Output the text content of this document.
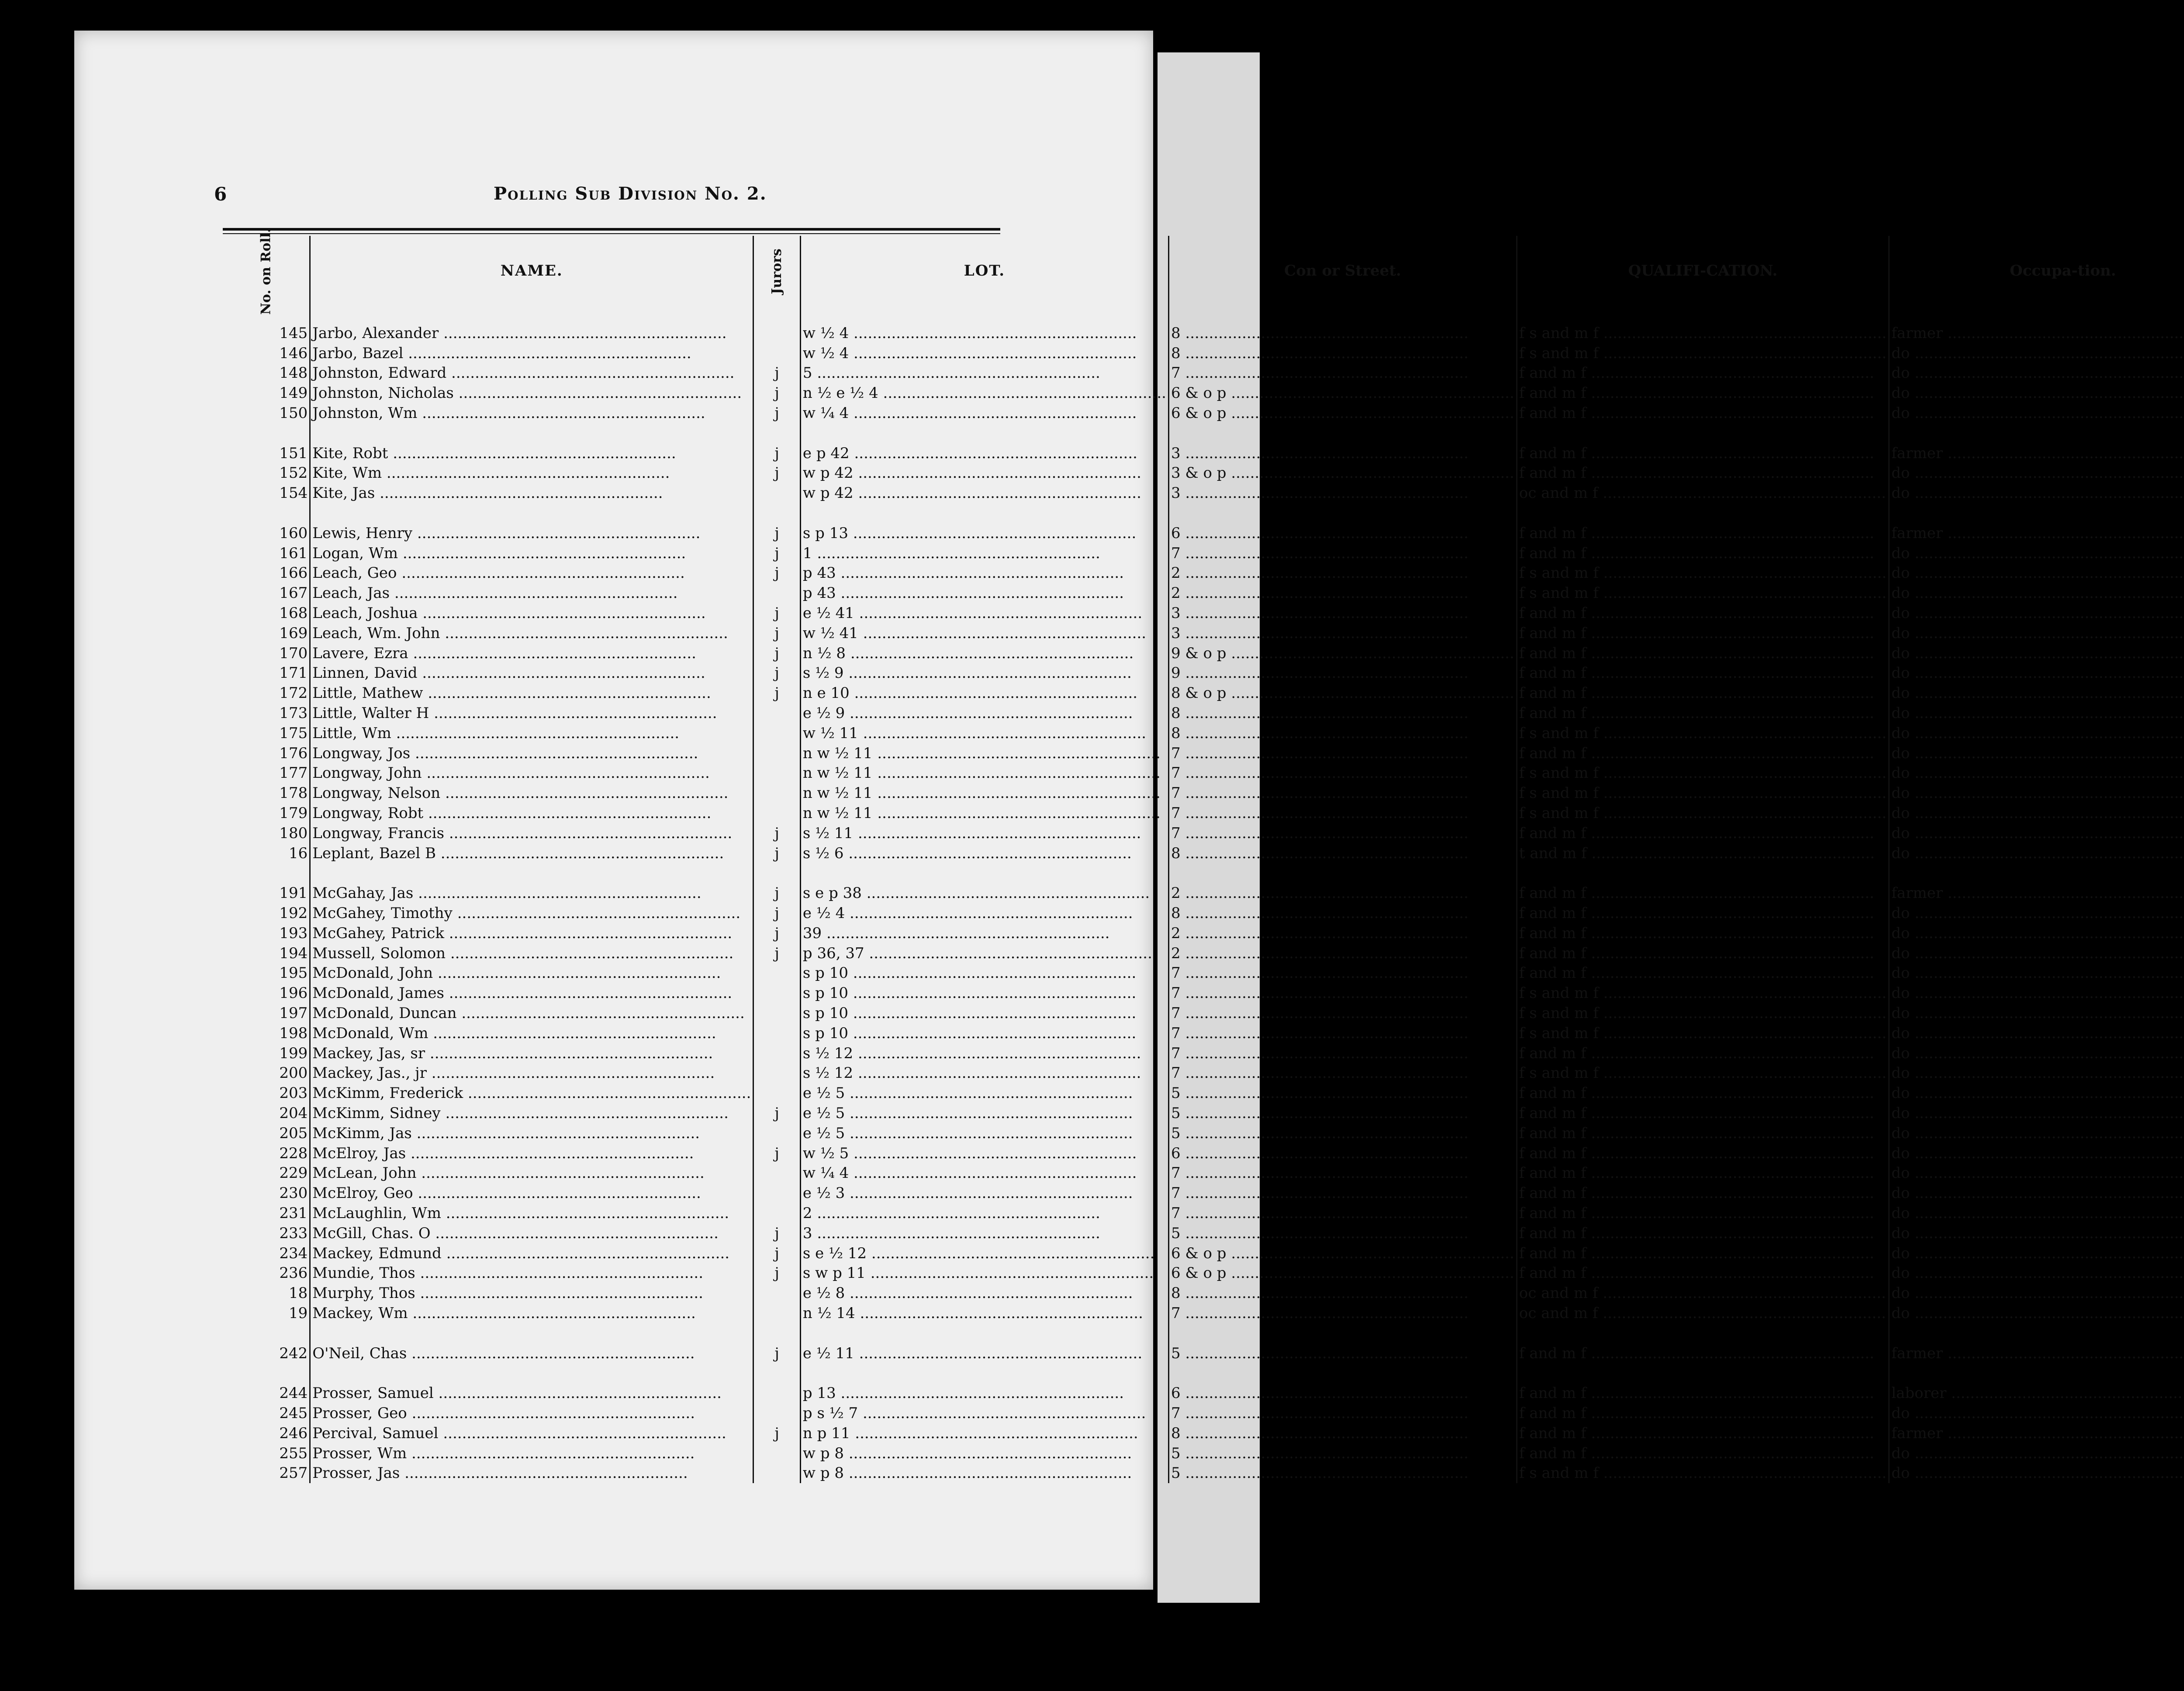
6	Polling Sub Division No. 2.
No. on Roll.	NAME.	Jurors	LOT.	Con or Street.	QUALIFI-CATION.	Occupa-tion.	

145	Jarbo, Alexander .....		w ½ 4 .....	8 .....	f s and m f .....	farmer .....	
146	Jarbo, Bazel .....		w ½ 4 .....	8 .....	f s and m f .....	do .....	
148	Johnston, Edward .....	j	5 .....	7 .....	f and m f .....	do .....	
149	Johnston, Nicholas .....	j	n ½ e ½ 4 .....	6 & o p .....	f and m f .....	do .....	
150	Johnston, Wm .....	j	w ¼ 4 .....	6 & o p .....	f and m f .....	do .....	

151	Kite, Robt .....	j	e p 42 .....	3 .....	f and m f .....	farmer .....	
152	Kite, Wm .....	j	w p 42 .....	3 & o p .....	f and m f .....	do .....	
154	Kite, Jas .....		w p 42 .....	3 .....	oc and m f .....	do .....	

160	Lewis, Henry .....	j	s p 13 .....	6 .....	f and m f .....	farmer .....	
161	Logan, Wm .....	j	1 .....	7 .....	f and m f .....	do .....	
166	Leach, Geo .....	j	p 43 .....	2 .....	f s and m f .....	do .....	
167	Leach, Jas .....		p 43 .....	2 .....	f s and m f .....	do .....	
168	Leach, Joshua .....	j	e ½ 41 .....	3 .....	f and m f .....	do .....	
169	Leach, Wm. John .....	j	w ½ 41 .....	3 .....	f and m f .....	do .....	
170	Lavere, Ezra .....	j	n ½ 8 .....	9 & o p .....	f and m f .....	do .....	
171	Linnen, David .....	j	s ½ 9 .....	9 .....	f and m f .....	do .....	
172	Little, Mathew .....	j	n e 10 .....	8 & o p .....	f and m f .....	do .....	
173	Little, Walter H .....		e ½ 9 .....	8 .....	f and m f .....	do .....	
175	Little, Wm .....		w ½ 11 .....	8 .....	f s and m f .....	do .....	
176	Longway, Jos .....		n w ½ 11 .....	7 .....	f and m f .....	do .....	
177	Longway, John .....		n w ½ 11 .....	7 .....	f s and m f .....	do .....	
178	Longway, Nelson .....		n w ½ 11 .....	7 .....	f s and m f .....	do .....	
179	Longway, Robt .....		n w ½ 11 .....	7 .....	f s and m f .....	do .....	
180	Longway, Francis .....	j	s ½ 11 .....	7 .....	f and m f .....	do .....	
16	Leplant, Bazel B .....	j	s ½ 6 .....	8 .....	t and m f .....	do .....	

191	McGahay, Jas .....	j	s e p 38 .....	2 .....	f and m f .....	farmer .....	
192	McGahey, Timothy .....	j	e ½ 4 .....	8 .....	f and m f .....	do .....	
193	McGahey, Patrick .....	j	39 .....	2 .....	f and m f .....	do .....	
194	Mussell, Solomon .....	j	p 36, 37 .....	2 .....	f and m f .....	do .....	
195	McDonald, John .....		s p 10 .....	7 .....	f and m f .....	do .....	
196	McDonald, James .....		s p 10 .....	7 .....	f s and m f .....	do .....	
197	McDonald, Duncan .....		s p 10 .....	7 .....	f s and m f .....	do .....	
198	McDonald, Wm .....		s p 10 .....	7 .....	f s and m f .....	do .....	
199	Mackey, Jas, sr .....		s ½ 12 .....	7 .....	f and m f .....	do .....	
200	Mackey, Jas., jr .....		s ½ 12 .....	7 .....	f s and m f .....	do .....	
203	McKimm, Frederick .....		e ½ 5 .....	5 .....	f and m f .....	do .....	
204	McKimm, Sidney .....	j	e ½ 5 .....	5 .....	f and m f .....	do .....	
205	McKimm, Jas .....		e ½ 5 .....	5 .....	f and m f .....	do .....	
228	McElroy, Jas .....	j	w ½ 5 .....	6 .....	f and m f .....	do .....	
229	McLean, John .....		w ¼ 4 .....	7 .....	f and m f .....	do .....	
230	McElroy, Geo .....		e ½ 3 .....	7 .....	f and m f .....	do .....	
231	McLaughlin, Wm .....		2 .....	7 .....	f and m f .....	do .....	
233	McGill, Chas. O .....	j	3 .....	5 .....	f and m f .....	do .....	
234	Mackey, Edmund .....	j	s e ½ 12 .....	6 & o p .....	f and m f .....	do .....	
236	Mundie, Thos .....	j	s w p 11 .....	6 & o p .....	f and m f .....	do .....	
18	Murphy, Thos .....		e ½ 8 .....	8 .....	oc and m f .....	do .....	
19	Mackey, Wm .....		n ½ 14 .....	7 .....	oc and m f .....	do .....	

242	O'Neil, Chas .....	j	e ½ 11 .....	5 .....	f and m f .....	farmer .....	

244	Prosser, Samuel .....		p 13 .....	6 .....	f and m f .....	laborer .....	
245	Prosser, Geo .....		p s ½ 7 .....	7 .....	f and m f .....	do .....	
246	Percival, Samuel .....	j	n p 11 .....	8 .....	f and m f .....	farmer .....	
255	Prosser, Wm .....		w p 8 .....	5 .....	f and m f .....	do .....	
257	Prosser, Jas .....		w p 8 .....	5 .....	f s and m f .....	do .....	
